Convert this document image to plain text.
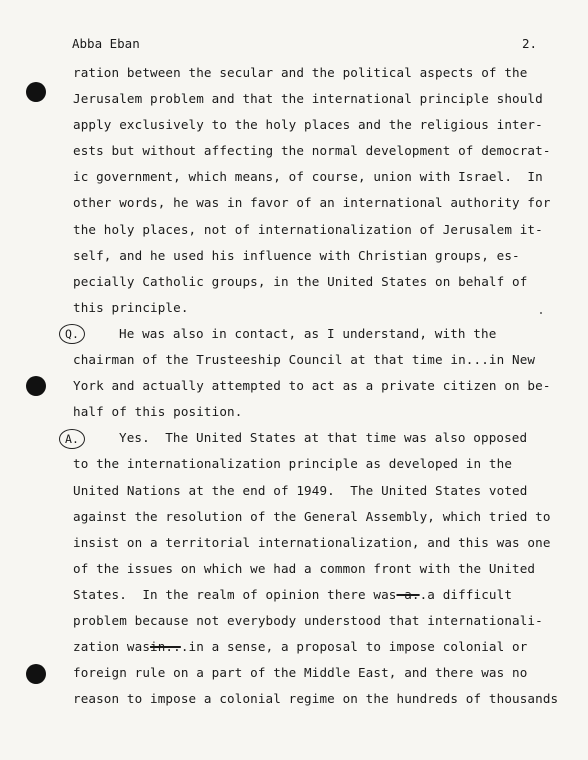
Abba Eban	2.
ration between the secular and the political aspects of the
Jerusalem problem and that the international principle should
apply exclusively to the holy places and the religious inter-
ests but without affecting the normal development of democrat-
ic government, which means, of course, union with Israel.  In
other words, he was in favor of an international authority for
the holy places, not of internationalization of Jerusalem it-
self, and he used his influence with Christian groups, es-
pecially Catholic groups, in the United States on behalf of
this principle.
Q.	He was also in contact, as I understand, with the
chairman of the Trusteeship Council at that time in...in New
York and actually attempted to act as a private citizen on be-
half of this position.
A.	Yes.  The United States at that time was also opposed
to the internationalization principle as developed in the
United Nations at the end of 1949.  The United States voted
against the resolution of the General Assembly, which tried to
insist on a territorial internationalization, and this was one
of the issues on which we had a common front with the United
States.  In the realm of opinion there was-a..a difficult
problem because not everybody understood that internationali-
zation wasin...in a sense, a proposal to impose colonial or
foreign rule on a part of the Middle East, and there was no
reason to impose a colonial regime on the hundreds of thousands
